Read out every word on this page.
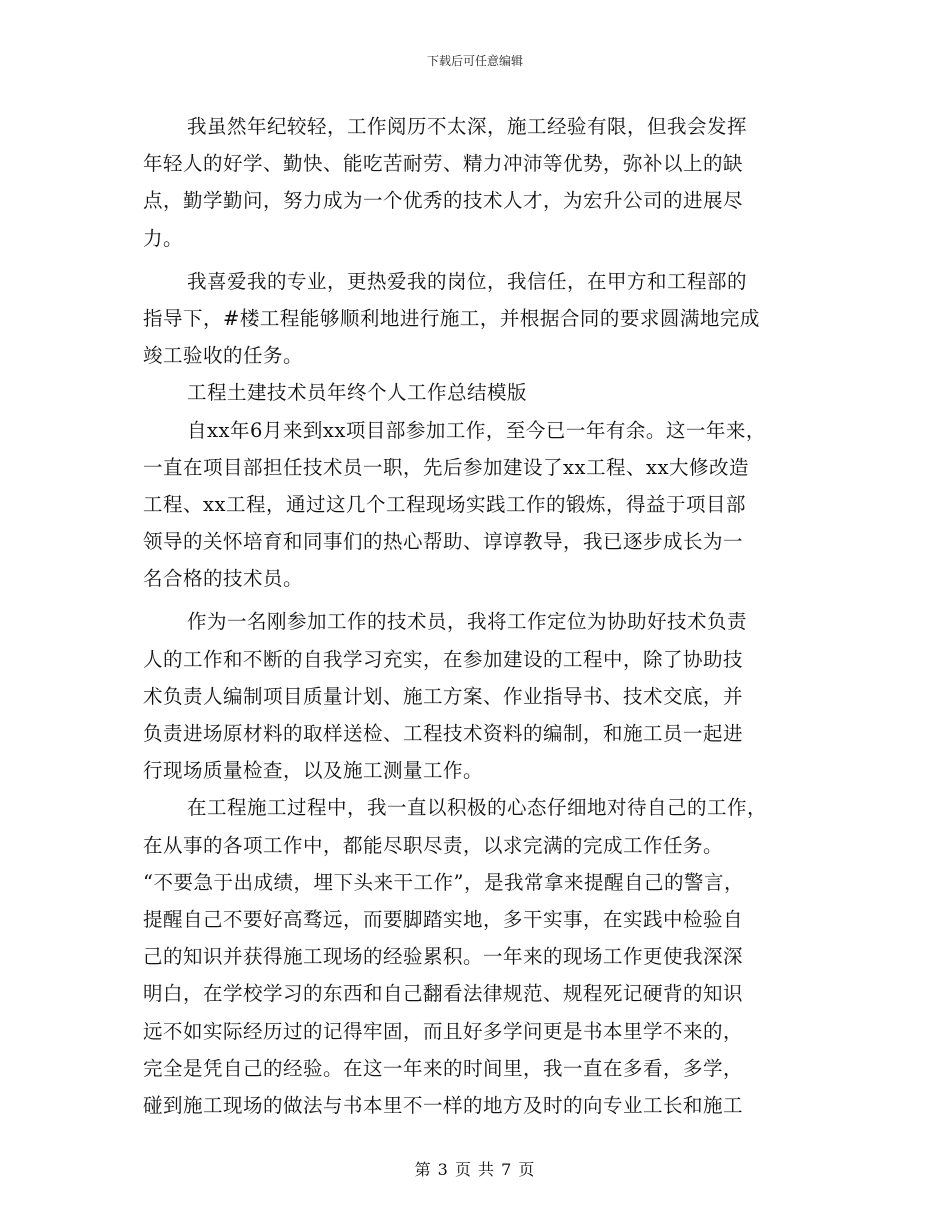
下载后可任意编辑
我虽然年纪较轻，工作阅历不太深，施工经验有限，但我会发挥
年轻人的好学、勤快、能吃苦耐劳、精力冲沛等优势，弥补以上的缺
点，勤学勤问，努力成为一个优秀的技术人才，为宏升公司的进展尽
力。
我喜爱我的专业，更热爱我的岗位，我信任，在甲方和工程部的
指导下，#楼工程能够顺利地进行施工，并根据合同的要求圆满地完成
竣工验收的任务。
工程土建技术员年终个人工作总结模版
自xx年6月来到xx项目部参加工作，至今已一年有余。这一年来，
一直在项目部担任技术员一职，先后参加建设了xx工程、xx大修改造
工程、xx工程，通过这几个工程现场实践工作的锻炼，得益于项目部
领导的关怀培育和同事们的热心帮助、谆谆教导，我已逐步成长为一
名合格的技术员。
作为一名刚参加工作的技术员，我将工作定位为协助好技术负责
人的工作和不断的自我学习充实，在参加建设的工程中，除了协助技
术负责人编制项目质量计划、施工方案、作业指导书、技术交底，并
负责进场原材料的取样送检、工程技术资料的编制，和施工员一起进
行现场质量检查，以及施工测量工作。
在工程施工过程中，我一直以积极的心态仔细地对待自己的工作，
在从事的各项工作中，都能尽职尽责，以求完满的完成工作任务。
“不要急于出成绩，埋下头来干工作”，是我常拿来提醒自己的警言，
提醒自己不要好高骛远，而要脚踏实地，多干实事，在实践中检验自
己的知识并获得施工现场的经验累积。一年来的现场工作更使我深深
明白，在学校学习的东西和自己翻看法律规范、规程死记硬背的知识
远不如实际经历过的记得牢固，而且好多学问更是书本里学不来的，
完全是凭自己的经验。在这一年来的时间里，我一直在多看，多学，
碰到施工现场的做法与书本里不一样的地方及时的向专业工长和施工
第 3 页 共 7 页
